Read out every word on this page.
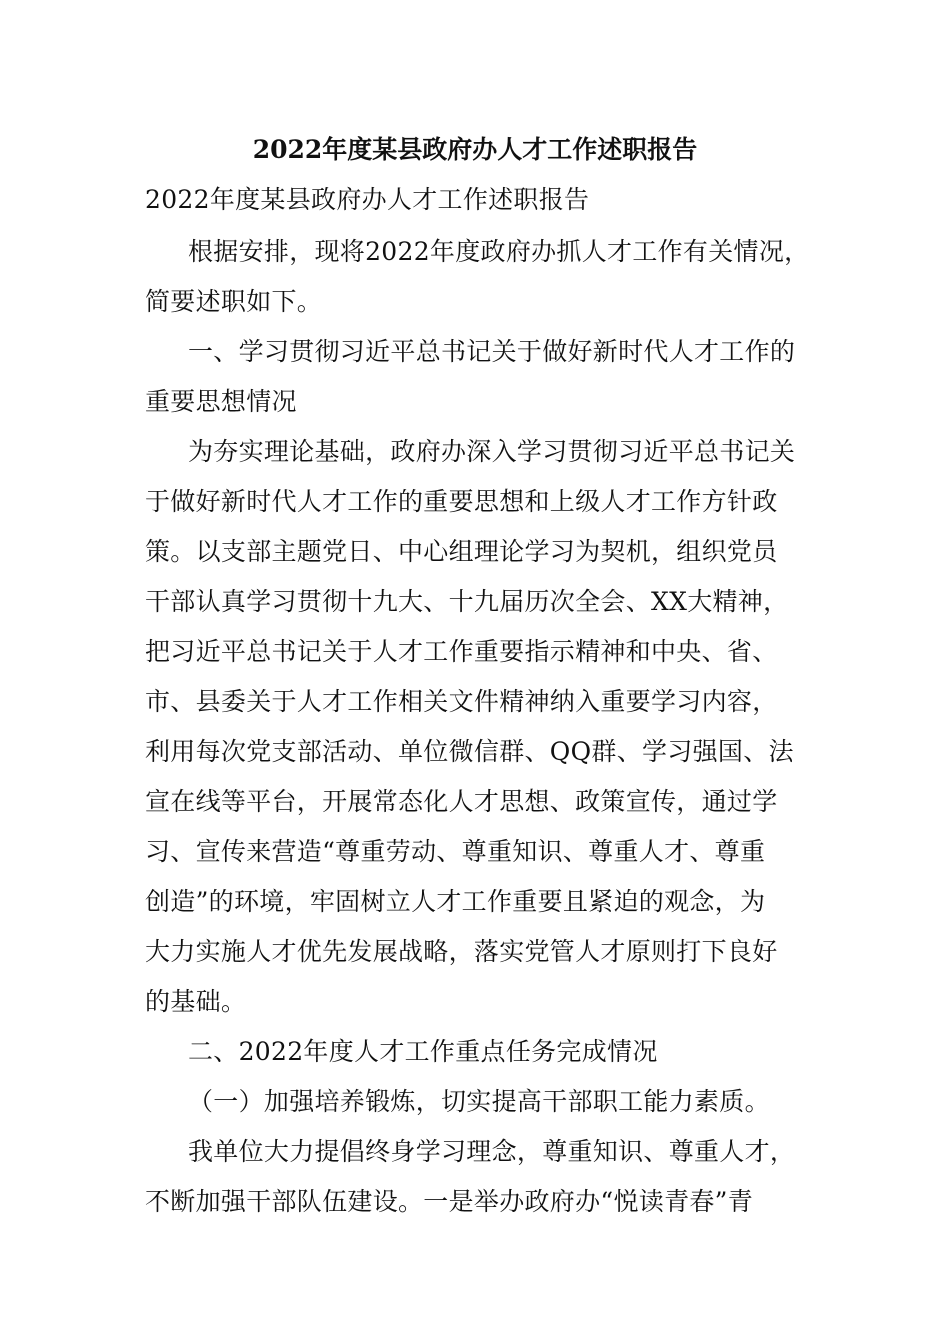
2022年度某县政府办人才工作述职报告

2022年度某县政府办人才工作述职报告

根据安排，现将2022年度政府办抓人才工作有关情况，

简要述职如下。

一、学习贯彻习近平总书记关于做好新时代人才工作的

重要思想情况

为夯实理论基础，政府办深入学习贯彻习近平总书记关

于做好新时代人才工作的重要思想和上级人才工作方针政

策。以支部主题党日、中心组理论学习为契机，组织党员

干部认真学习贯彻十九大、十九届历次全会、XX大精神，

把习近平总书记关于人才工作重要指示精神和中央、省、

市、县委关于人才工作相关文件精神纳入重要学习内容，

利用每次党支部活动、单位微信群、QQ群、学习强国、法

宣在线等平台，开展常态化人才思想、政策宣传，通过学

习、宣传来营造“尊重劳动、尊重知识、尊重人才、尊重

创造”的环境，牢固树立人才工作重要且紧迫的观念，为

大力实施人才优先发展战略，落实党管人才原则打下良好

的基础。

二、2022年度人才工作重点任务完成情况

（一）加强培养锻炼，切实提高干部职工能力素质。

我单位大力提倡终身学习理念，尊重知识、尊重人才，

不断加强干部队伍建设。一是举办政府办“悦读青春”青
